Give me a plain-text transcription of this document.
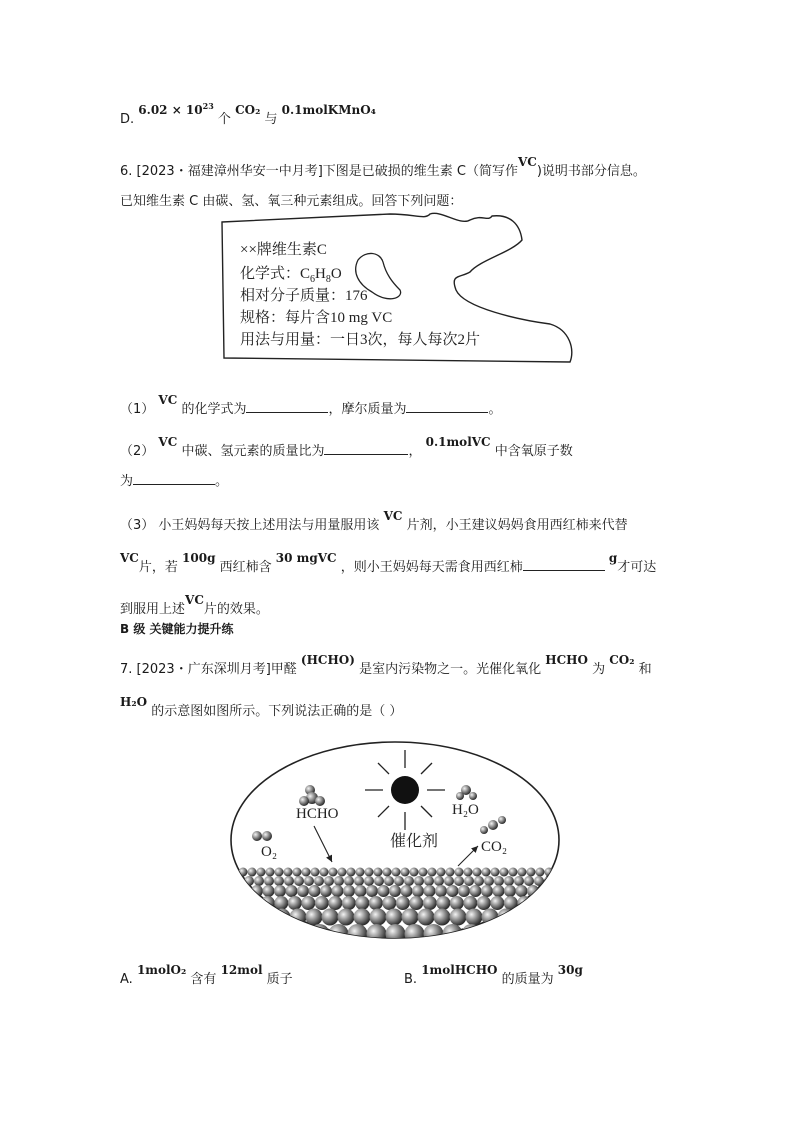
D. $6.02 \times 10^{23}$ 个 CO₂ 与 0.1molKMnO₄
6. [2023・福建漳州华安一中月考]下图是已破损的维生素 C（简写作VC)说明书部分信息。
已知维生素 C 由碳、氢、氧三种元素组成。回答下列问题：
××牌维生素C
化学式：$C_6H_8O$
相对分子质量：176
规格：每片含10 mg VC
用法与用量：一日3次，每人每次2片
（1） VC 的化学式为	，摩尔质量为	。
（2） VC 中碳、氢元素的质量比为	， 0.1molVC 中含氧原子数
为	。
（3） 小王妈妈每天按上述用法与用量服用该 VC 片剂，小王建议妈妈食用西红柿来代替
VC片，若 100g 西红柿含 30 mgVC ，则小王妈妈每天需食用西红柿 g才可达
到服用上述VC片的效果。
B 级 关键能力提升练
7. [2023・广东深圳月考]甲醛 (HCHO) 是室内污染物之一。光催化氧化 HCHO 为 CO₂ 和
H₂O 的示意图如图所示。下列说法正确的是（ ）
HCHO	H₂O
O₂	CO₂
催化剂
A. 1molO₂ 含有 12mol 质子	B. 1molHCHO 的质量为 30g
